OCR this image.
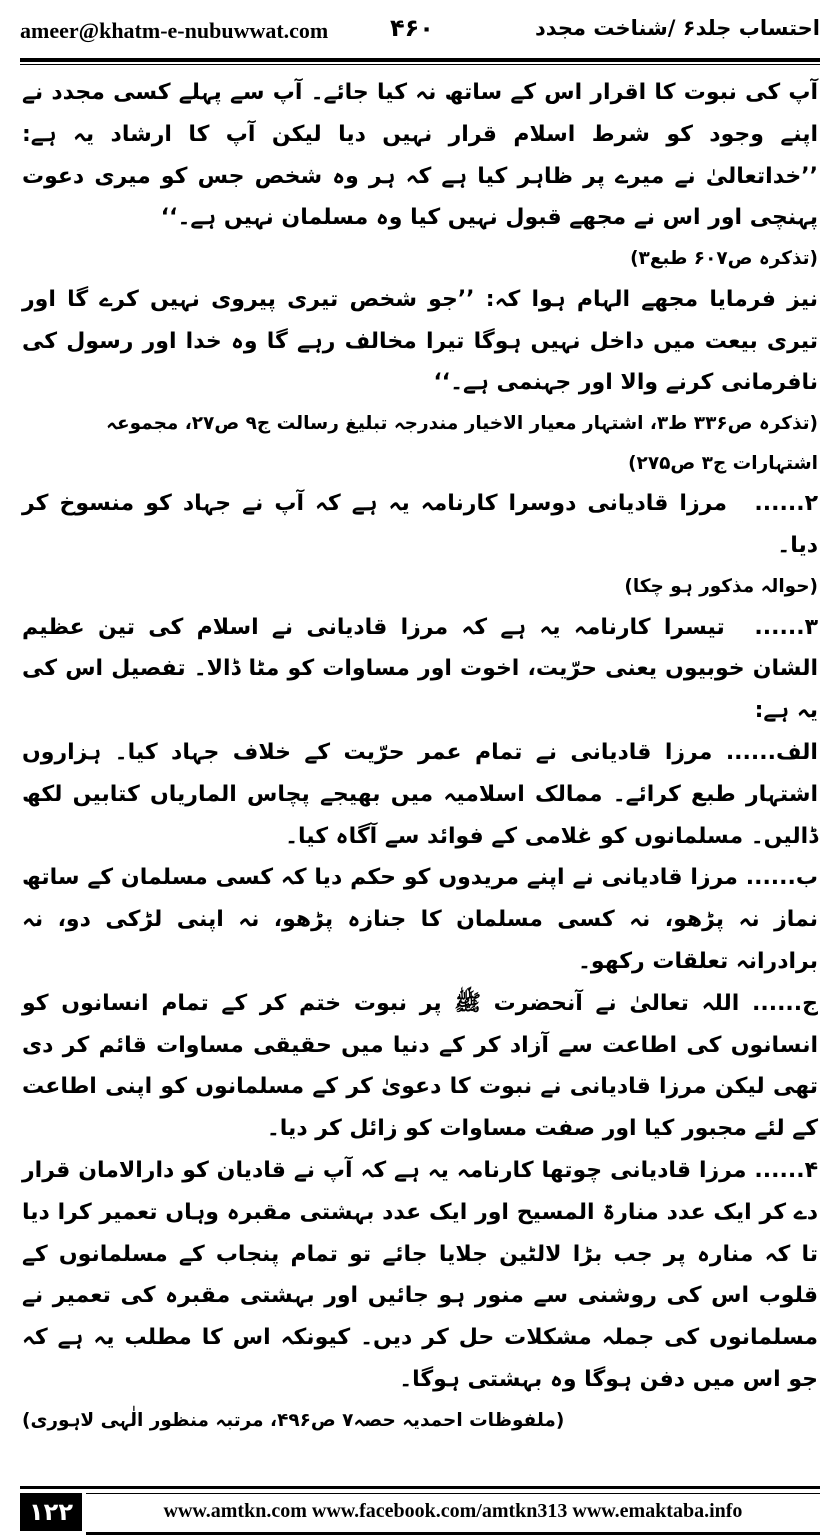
ameer@khatm-e-nubuwwat.com	۴۶۰	احتساب جلد۶ /شناخت مجدد

آپ کی نبوت کا اقرار اس کے ساتھ نہ کیا جائے۔ آپ سے پہلے کسی مجدد نے اپنے وجود کو شرط اسلام قرار نہیں دیا لیکن آپ کا ارشاد یہ ہے: ’’خداتعالیٰ نے میرے پر ظاہر کیا ہے کہ ہر وہ شخص جس کو میری دعوت پہنچی اور اس نے مجھے قبول نہیں کیا وہ مسلمان نہیں ہے۔‘‘

(تذکرہ ص۶۰۷ طبع۳)

نیز فرمایا مجھے الہام ہوا کہ: ’’جو شخص تیری پیروی نہیں کرے گا اور تیری بیعت میں داخل نہیں ہوگا تیرا مخالف رہے گا وہ خدا اور رسول کی نافرمانی کرنے والا اور جہنمی ہے۔‘‘

(تذکرہ ص۳۳۶ ط۳، اشتہار معیار الاخیار مندرجہ تبلیغ رسالت ج۹ ص۲۷، مجموعہ اشتہارات ج۳ ص۲۷۵)

۲...... مرزا قادیانی دوسرا کارنامہ یہ ہے کہ آپ نے جہاد کو منسوخ کر دیا۔

(حوالہ مذکور ہو چکا)

۳...... تیسرا کارنامہ یہ ہے کہ مرزا قادیانی نے اسلام کی تین عظیم الشان خوبیوں یعنی حرّیت، اخوت اور مساوات کو مٹا ڈالا۔ تفصیل اس کی یہ ہے:

الف...... مرزا قادیانی نے تمام عمر حرّیت کے خلاف جہاد کیا۔ ہزاروں اشتہار طبع کرائے۔ ممالک اسلامیہ میں بھیجے پچاس الماریاں کتابیں لکھ ڈالیں۔ مسلمانوں کو غلامی کے فوائد سے آگاہ کیا۔

ب...... مرزا قادیانی نے اپنے مریدوں کو حکم دیا کہ کسی مسلمان کے ساتھ نماز نہ پڑھو، نہ کسی مسلمان کا جنازہ پڑھو، نہ اپنی لڑکی دو، نہ برادرانہ تعلقات رکھو۔

ج...... اللہ تعالیٰ نے آنحضرت ﷺ پر نبوت ختم کر کے تمام انسانوں کو انسانوں کی اطاعت سے آزاد کر کے دنیا میں حقیقی مساوات قائم کر دی تھی لیکن مرزا قادیانی نے نبوت کا دعویٰ کر کے مسلمانوں کو اپنی اطاعت کے لئے مجبور کیا اور صفت مساوات کو زائل کر دیا۔

۴...... مرزا قادیانی چوتھا کارنامہ یہ ہے کہ آپ نے قادیان کو دارالامان قرار دے کر ایک عدد منارۃ المسیح اور ایک عدد بہشتی مقبرہ وہاں تعمیر کرا دیا تا کہ منارہ پر جب بڑا لالٹین جلایا جائے تو تمام پنجاب کے مسلمانوں کے قلوب اس کی روشنی سے منور ہو جائیں اور بہشتی مقبرہ کی تعمیر نے مسلمانوں کی جملہ مشکلات حل کر دیں۔ کیونکہ اس کا مطلب یہ ہے کہ جو اس میں دفن ہوگا وہ بہشتی ہوگا۔

(ملفوظات احمدیہ حصہ۷ ص۴۹۶، مرتبہ منظور الٰہی لاہوری)

۱۲۲	www.amtkn.com www.facebook.com/amtkn313 www.emaktaba.info
